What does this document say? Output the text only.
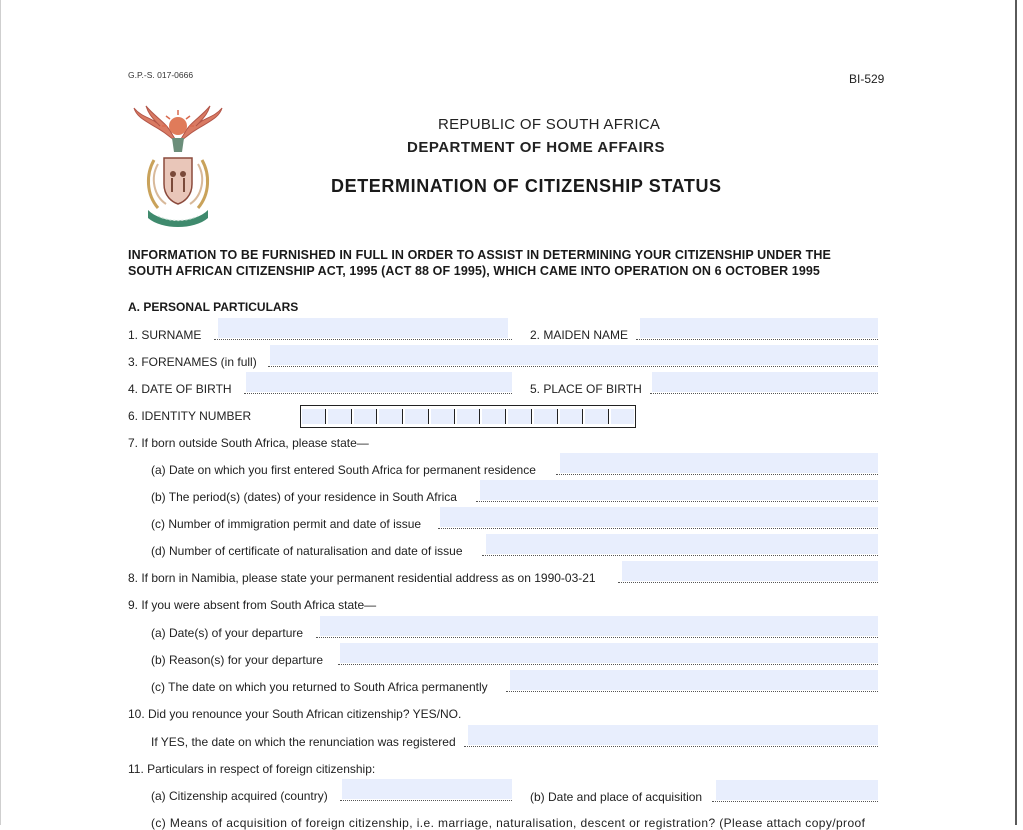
G.P.-S. 017-0666	BI-529
REPUBLIC OF SOUTH AFRICA
DEPARTMENT OF HOME AFFAIRS
DETERMINATION OF CITIZENSHIP STATUS
INFORMATION TO BE FURNISHED IN FULL IN ORDER TO ASSIST IN DETERMINING YOUR CITIZENSHIP UNDER THE
SOUTH AFRICAN CITIZENSHIP ACT, 1995 (ACT 88 OF 1995), WHICH CAME INTO OPERATION ON 6 OCTOBER 1995
A. PERSONAL PARTICULARS
1. SURNAME	2. MAIDEN NAME
3. FORENAMES (in full)
4. DATE OF BIRTH	5. PLACE OF BIRTH
6. IDENTITY NUMBER
7. If born outside South Africa, please state—
(a) Date on which you first entered South Africa for permanent residence
(b) The period(s) (dates) of your residence in South Africa
(c) Number of immigration permit and date of issue
(d) Number of certificate of naturalisation and date of issue
8. If born in Namibia, please state your permanent residential address as on 1990-03-21
9. If you were absent from South Africa state—
(a) Date(s) of your departure
(b) Reason(s) for your departure
(c) The date on which you returned to South Africa permanently
10. Did you renounce your South African citizenship? YES/NO.
If YES, the date on which the renunciation was registered
11. Particulars in respect of foreign citizenship:
(a) Citizenship acquired (country)	(b) Date and place of acquisition
(c) Means of acquisition of foreign citizenship, i.e. marriage, naturalisation, descent or registration? (Please attach copy/proof
